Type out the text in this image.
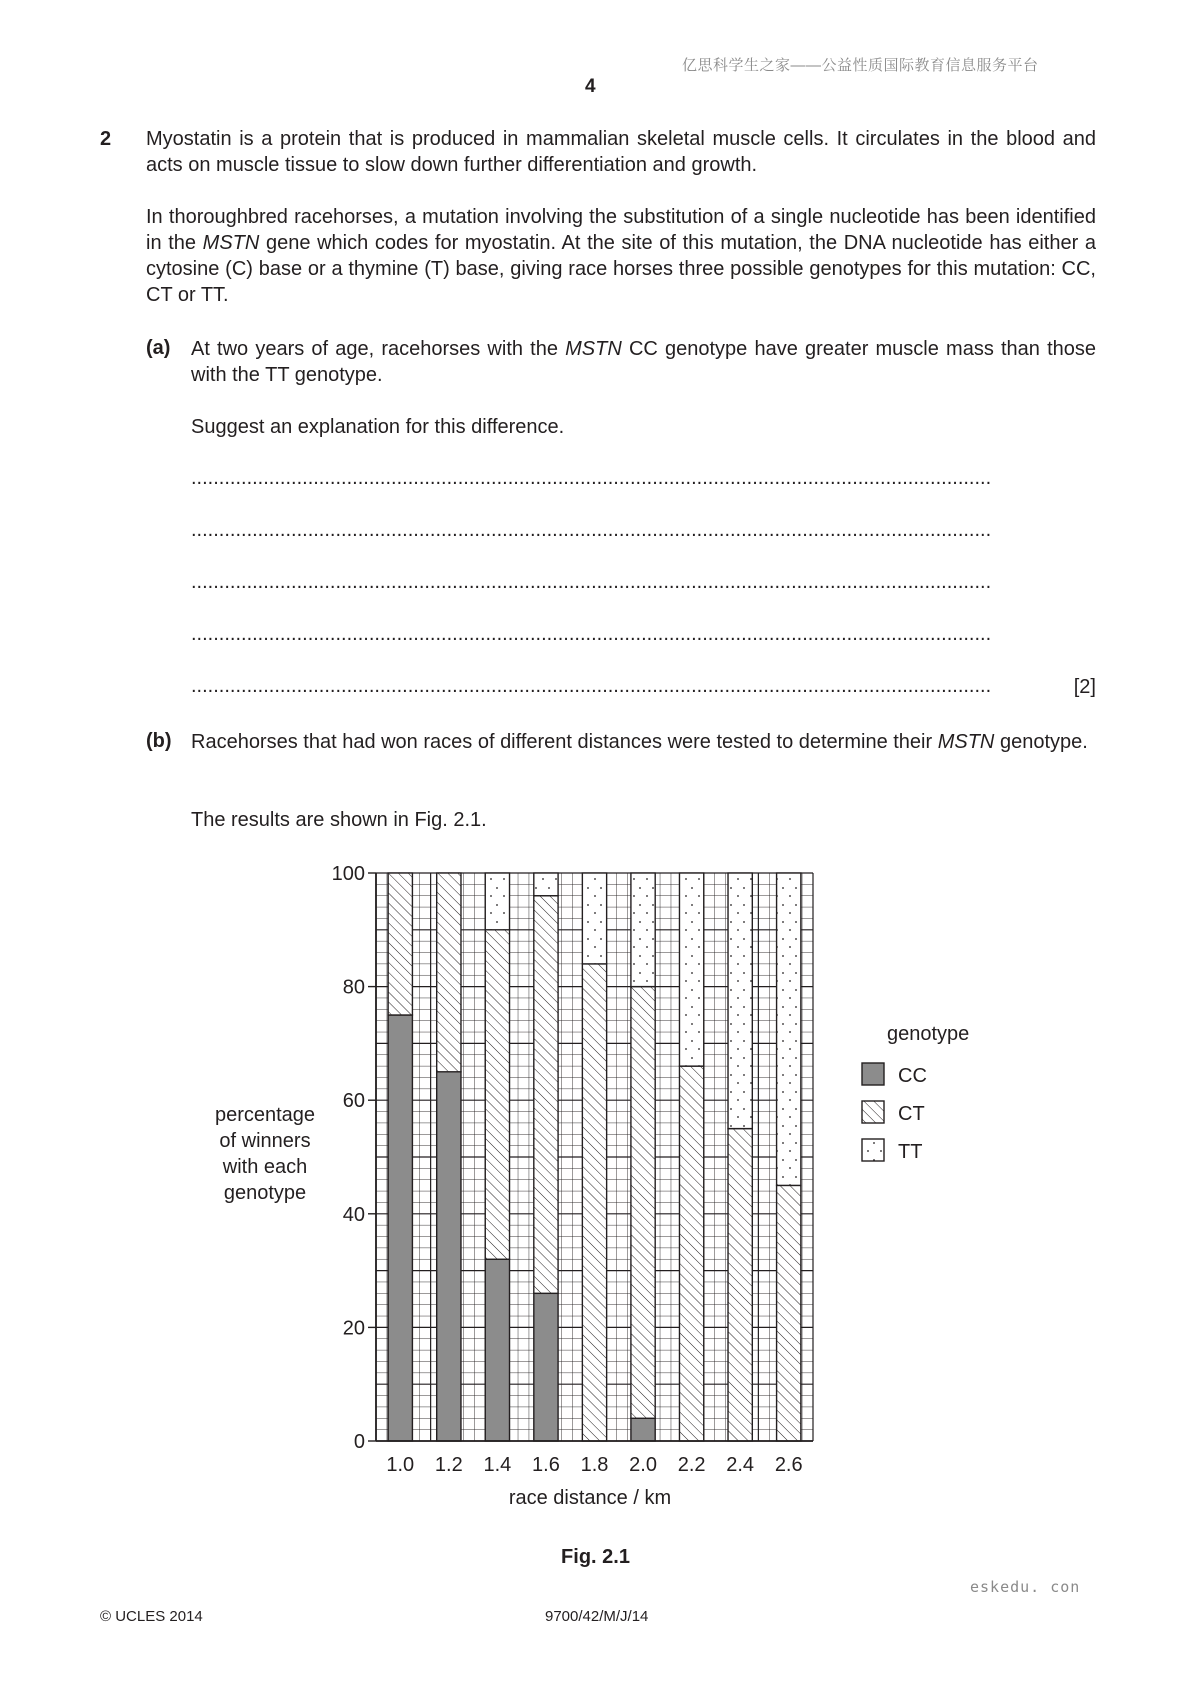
亿思科学生之家——公益性质国际教育信息服务平台
4
2 Myostatin is a protein that is produced in mammalian skeletal muscle cells. It circulates in the blood and acts on muscle tissue to slow down further differentiation and growth.
In thoroughbred racehorses, a mutation involving the substitution of a single nucleotide has been identified in the MSTN gene which codes for myostatin. At the site of this mutation, the DNA nucleotide has either a cytosine (C) base or a thymine (T) base, giving race horses three possible genotypes for this mutation: CC, CT or TT.
(a) At two years of age, racehorses with the MSTN CC genotype have greater muscle mass than those with the TT genotype.
Suggest an explanation for this difference.
................................................................................................................................................
................................................................................................................................................
................................................................................................................................................
................................................................................................................................................
................................................................................................................................................	[2]
(b) Racehorses that had won races of different distances were tested to determine their MSTN genotype.
The results are shown in Fig. 2.1.
1.0 1.2 1.4 1.6 1.8 2.0 2.2 2.4 2.6
0
20
40
60
80
100
genotype
CC
CT
TT
percentage
of winners
with each
genotype
race distance / km
Fig. 2.1
eskedu. con
© UCLES 2014	9700/42/M/J/14
